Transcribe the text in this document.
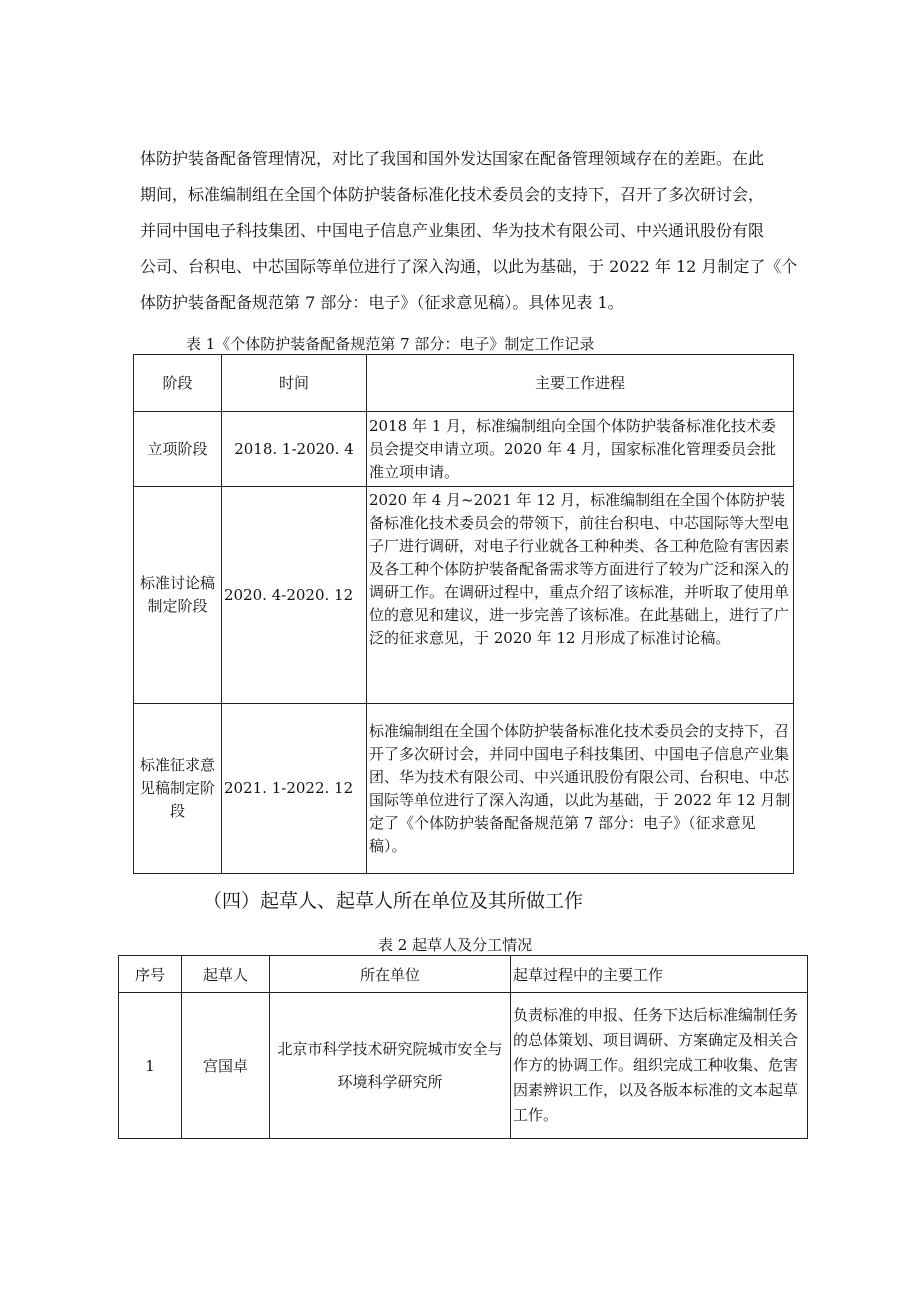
体防护装备配备管理情况，对比了我国和国外发达国家在配备管理领域存在的差距。在此
期间，标准编制组在全国个体防护装备标准化技术委员会的支持下，召开了多次研讨会，
并同中国电子科技集团、中国电子信息产业集团、华为技术有限公司、中兴通讯股份有限
公司、台积电、中芯国际等单位进行了深入沟通，以此为基础，于 2022 年 12 月制定了《个
体防护装备配备规范第 7 部分：电子》（征求意见稿）。具体见表 1。
表 1《个体防护装备配备规范第 7 部分：电子》制定工作记录
阶段	时间	主要工作进程

立项阶段	2018. 1-2020. 4	2018 年 1 月，标准编制组向全国个体防护装备标准化技术委员会提交申请立项。2020 年 4 月，国家标准化管理委员会批准立项申请。

标准讨论稿
制定阶段	2020. 4-2020. 12	2020 年 4 月~2021 年 12 月，标准编制组在全国个体防护装备标准化技术委员会的带领下，前往台积电、中芯国际等大型电子厂进行调研，对电子行业就各工种种类、各工种危险有害因素及各工种个体防护装备配备需求等方面进行了较为广泛和深入的调研工作。在调研过程中，重点介绍了该标准，并听取了使用单位的意见和建议，进一步完善了该标准。在此基础上，进行了广泛的征求意见，于 2020 年 12 月形成了标准讨论稿。

标准征求意
见稿制定阶
段	2021. 1-2022. 12	标准编制组在全国个体防护装备标准化技术委员会的支持下，召开了多次研讨会，并同中国电子科技集团、中国电子信息产业集团、华为技术有限公司、中兴通讯股份有限公司、台积电、中芯国际等单位进行了深入沟通，以此为基础，于 2022 年 12 月制定了《个体防护装备配备规范第 7 部分：电子》（征求意见稿）。
（四）起草人、起草人所在单位及其所做工作
表 2 起草人及分工情况
序号	起草人	所在单位	起草过程中的主要工作
1	宫国卓	北京市科学技术研究院城市安全与环境科学研究所	负责标准的申报、任务下达后标准编制任务的总体策划、项目调研、方案确定及相关合作方的协调工作。组织完成工种收集、危害因素辨识工作，以及各版本标准的文本起草工作。
